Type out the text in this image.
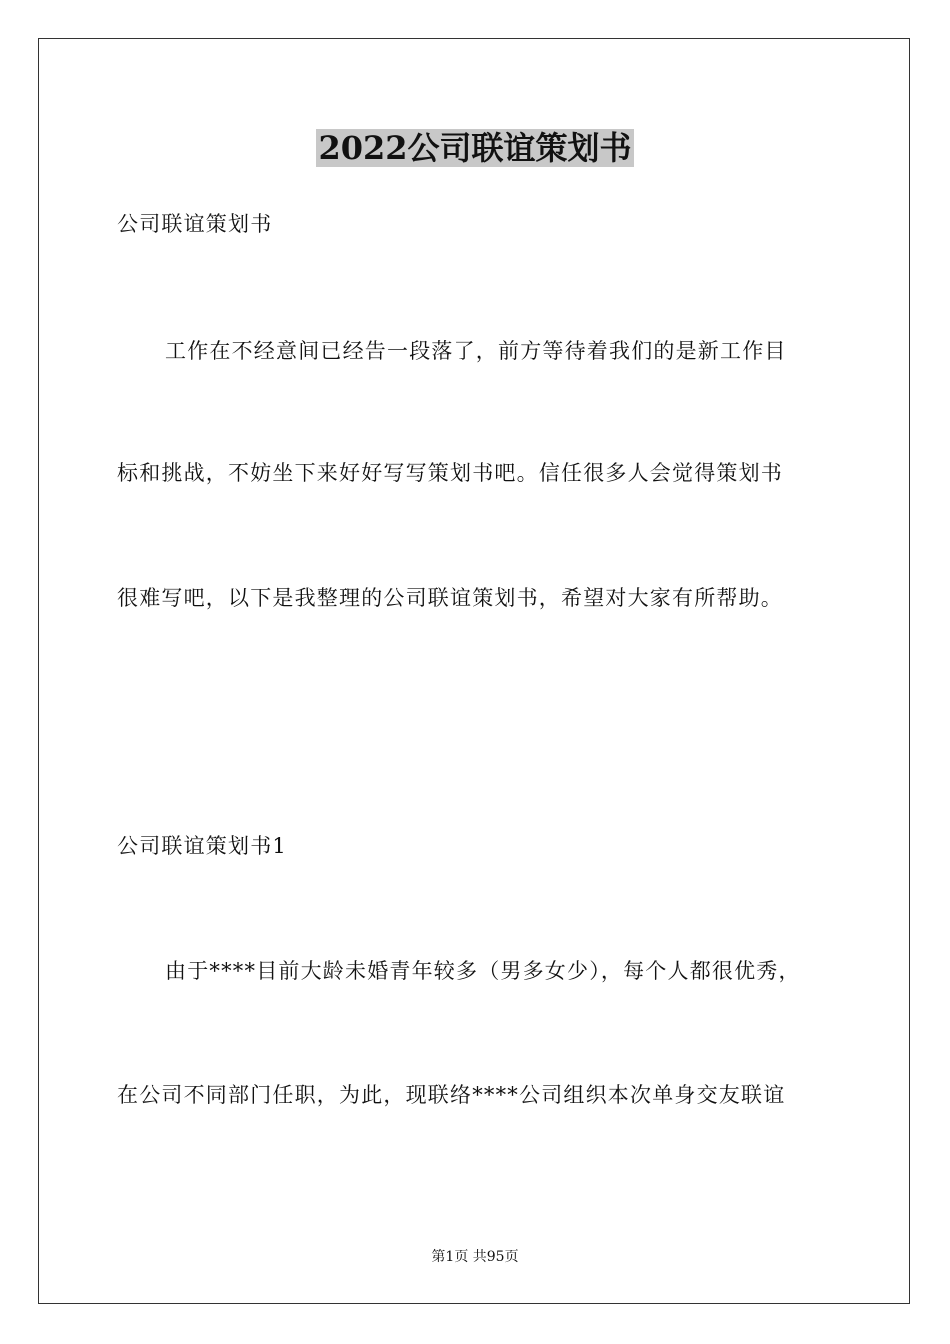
2022公司联谊策划书
公司联谊策划书
工作在不经意间已经告一段落了，前方等待着我们的是新工作目
标和挑战，不妨坐下来好好写写策划书吧。信任很多人会觉得策划书
很难写吧，以下是我整理的公司联谊策划书，希望对大家有所帮助。
公司联谊策划书1
由于****目前大龄未婚青年较多（男多女少），每个人都很优秀，
在公司不同部门任职，为此，现联络****公司组织本次单身交友联谊
第1页 共95页
